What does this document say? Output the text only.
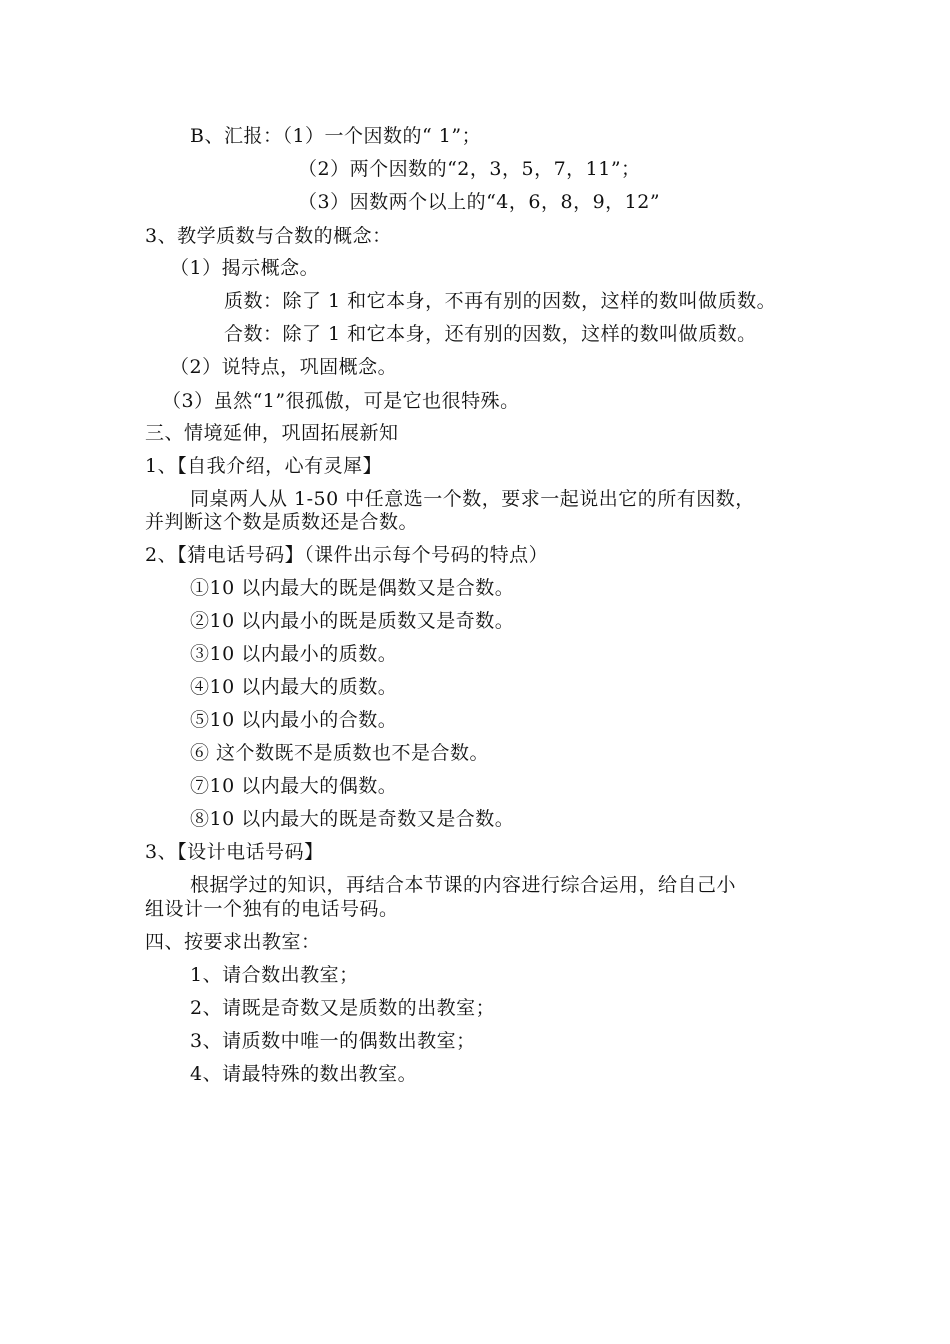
B、汇报：（1）一个因数的“ 1”；
（2）两个因数的“2，3，5，7，11”；
（3）因数两个以上的“4，6，8，9，12”
3、教学质数与合数的概念：
（1）揭示概念。
质数：除了 1 和它本身，不再有别的因数，这样的数叫做质数。
合数：除了 1 和它本身，还有别的因数，这样的数叫做质数。
（2）说特点，巩固概念。
（3）虽然“1”很孤傲，可是它也很特殊。
三、情境延伸，巩固拓展新知
1、【自我介绍，心有灵犀】
同桌两人从 1-50 中任意选一个数，要求一起说出它的所有因数，
并判断这个数是质数还是合数。
2、【猜电话号码】（课件出示每个号码的特点）
①10 以内最大的既是偶数又是合数。
②10 以内最小的既是质数又是奇数。
③10 以内最小的质数。
④10 以内最大的质数。
⑤10 以内最小的合数。
⑥ 这个数既不是质数也不是合数。
⑦10 以内最大的偶数。
⑧10 以内最大的既是奇数又是合数。
3、【设计电话号码】
根据学过的知识，再结合本节课的内容进行综合运用，给自己小
组设计一个独有的电话号码。
四、按要求出教室：
1、请合数出教室；
2、请既是奇数又是质数的出教室；
3、请质数中唯一的偶数出教室；
4、请最特殊的数出教室。
